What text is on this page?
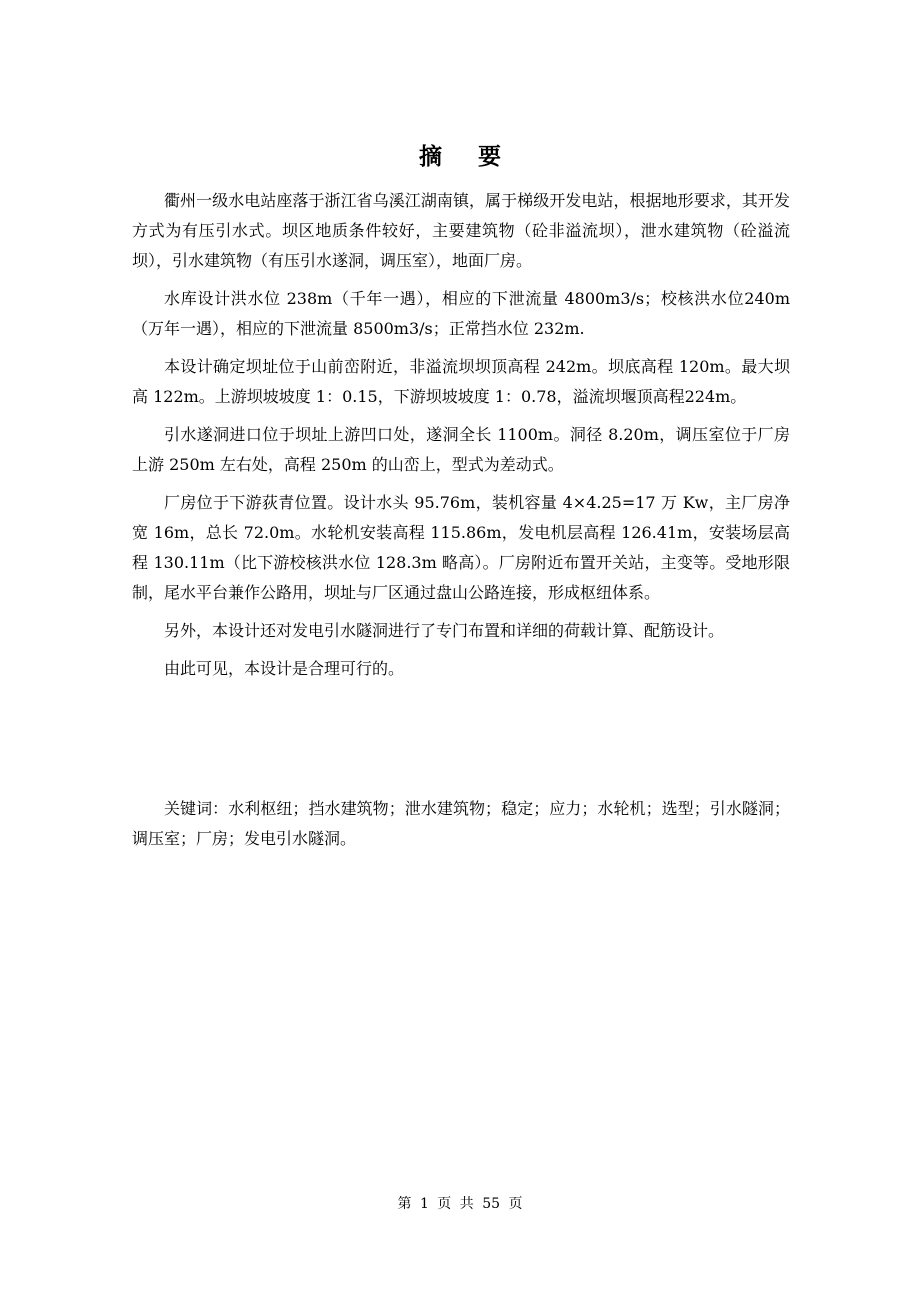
摘 要

衢州一级水电站座落于浙江省乌溪江湖南镇，属于梯级开发电站，根据地形要求，其开发方式为有压引水式。坝区地质条件较好，主要建筑物（砼非溢流坝），泄水建筑物（砼溢流坝），引水建筑物（有压引水遂洞，调压室），地面厂房。

水库设计洪水位 238m（千年一遇），相应的下泄流量 4800m3/s；校核洪水位240m（万年一遇），相应的下泄流量 8500m3/s；正常挡水位 232m.

本设计确定坝址位于山前峦附近，非溢流坝坝顶高程 242m。坝底高程 120m。最大坝高 122m。上游坝坡坡度 1：0.15，下游坝坡坡度 1：0.78，溢流坝堰顶高程224m。

引水遂洞进口位于坝址上游凹口处，遂洞全长 1100m。洞径 8.20m，调压室位于厂房上游 250m 左右处，高程 250m 的山峦上，型式为差动式。

厂房位于下游荻青位置。设计水头 95.76m，装机容量 4×4.25=17 万 Kw，主厂房净宽 16m，总长 72.0m。水轮机安装高程 115.86m，发电机层高程 126.41m，安装场层高程 130.11m（比下游校核洪水位 128.3m 略高）。厂房附近布置开关站，主变等。受地形限制，尾水平台兼作公路用，坝址与厂区通过盘山公路连接，形成枢纽体系。

另外，本设计还对发电引水隧洞进行了专门布置和详细的荷载计算、配筋设计。

由此可见，本设计是合理可行的。

关键词：水利枢纽；挡水建筑物；泄水建筑物；稳定；应力；水轮机；选型；引水隧洞；调压室；厂房；发电引水隧洞。

第 1 页 共 55 页
